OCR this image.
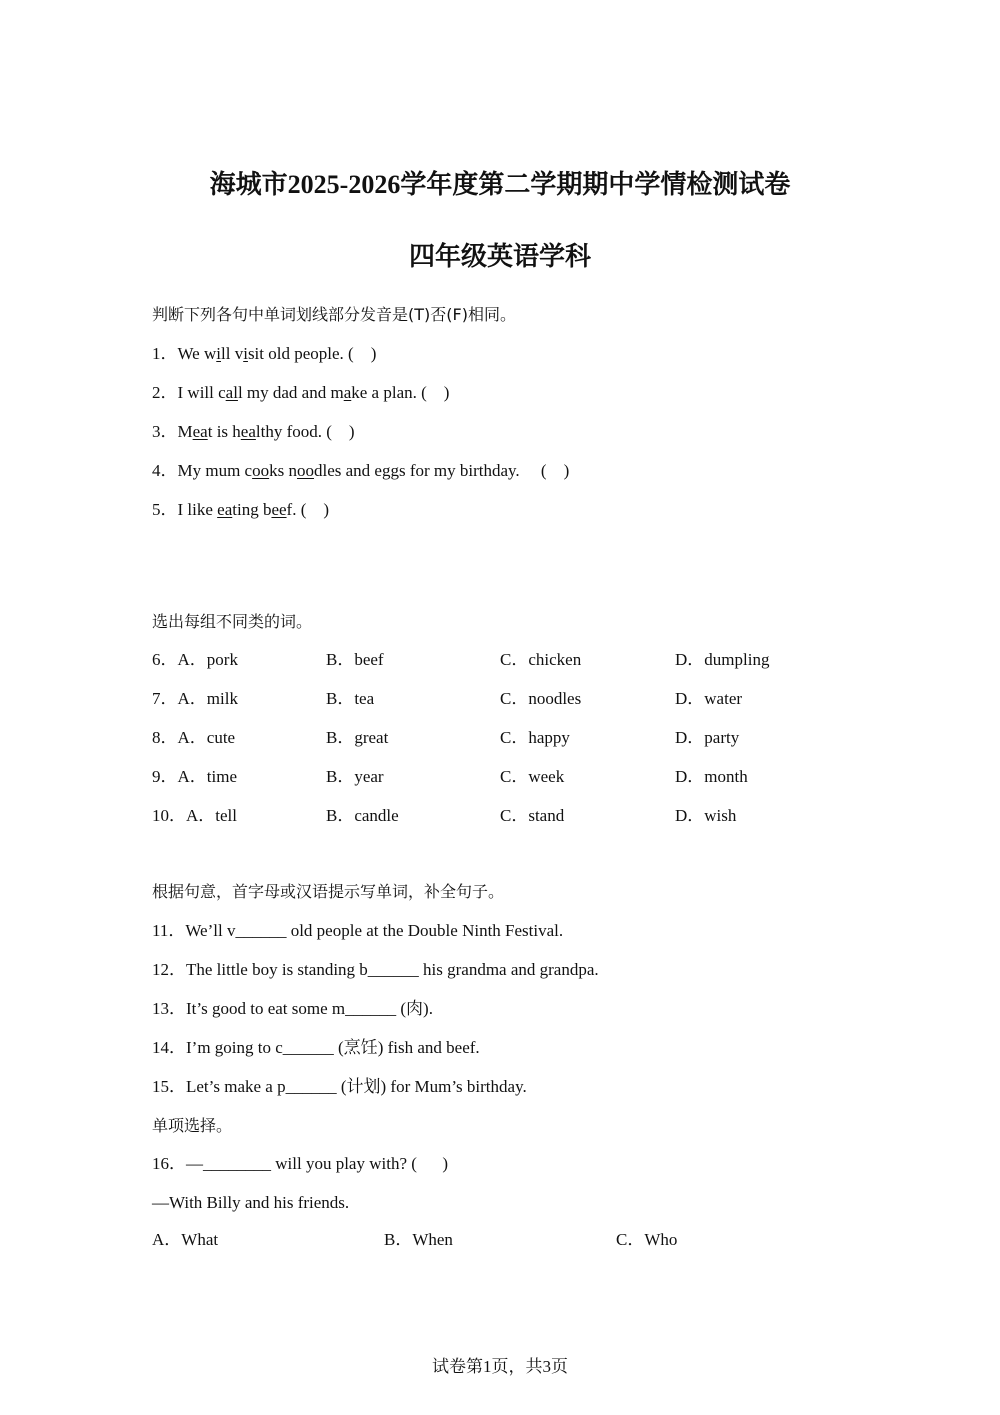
海城市2025-2026学年度第二学期期中学情检测试卷
四年级英语学科
判断下列各句中单词划线部分发音是(T)否(F)相同。
1．We will visit old people. (    )
2．I will call my dad and make a plan. (    )
3．Meat is healthy food. (    )
4．My mum cooks noodles and eggs for my birthday.     (    )
5．I like eating beef. (    )
选出每组不同类的词。
6．A．pork	B．beef	C．chicken	D．dumpling
7．A．milk	B．tea	C．noodles	D．water
8．A．cute	B．great	C．happy	D．party
9．A．time	B．year	C．week	D．month
10．A．tell	B．candle	C．stand	D．wish
根据句意，首字母或汉语提示写单词，补全句子。
11．We’ll v______ old people at the Double Ninth Festival.
12．The little boy is standing b______ his grandma and grandpa.
13．It’s good to eat some m______ (肉).
14．I’m going to c______ (烹饪) fish and beef.
15．Let’s make a p______ (计划) for Mum’s birthday.
单项选择。
16．—________ will you play with? (      )
—With Billy and his friends.
A．What	B．When	C．Who
试卷第1页，共3页
